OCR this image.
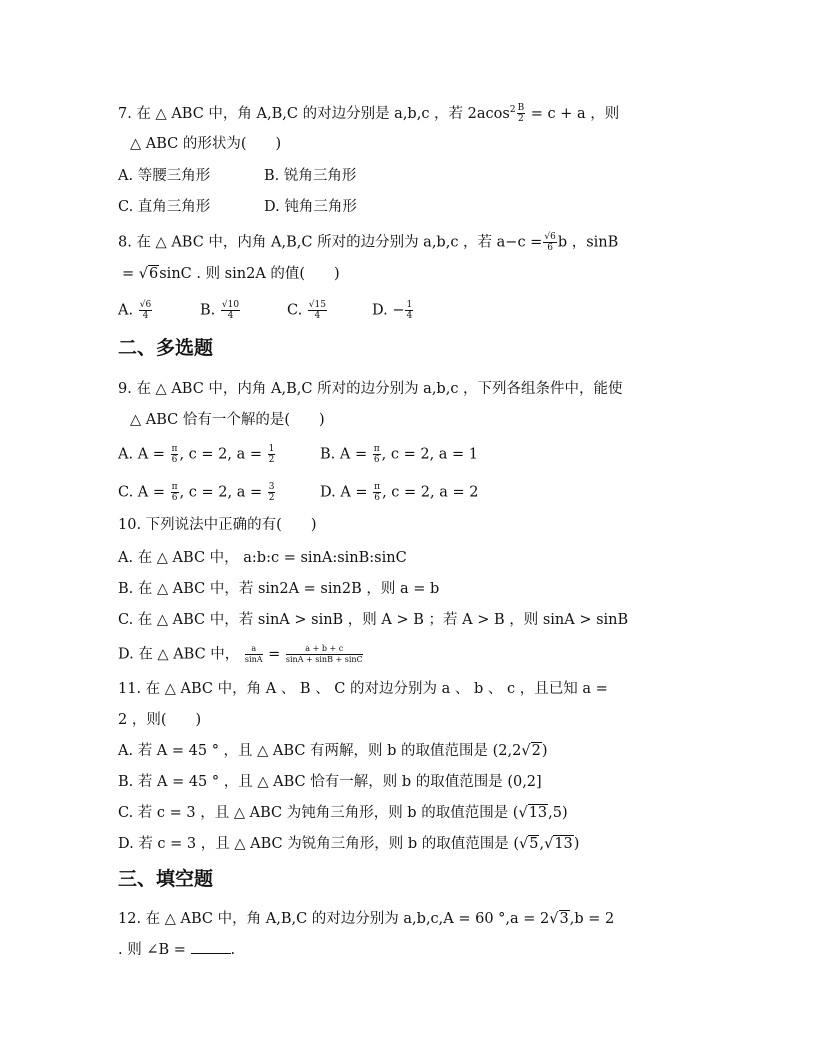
7. 在 △ ABC 中，角 A,B,C 的对边分别是 a,b,c ，若 $2acos^2 \frac{B}{2} = c + a$ ，则
△ ABC 的形状为(　　)
A. 等腰三角形	B. 锐角三角形
C. 直角三角形	D. 钝角三角形
8. 在 △ ABC 中，内角 A,B,C 所对的边分别为 a,b,c ，若 $a-c = \frac{√6}{6}$ b ，sinB
= √6sinC . 则 sin2A 的值(　　)
A. $\frac{√6}{4}$	B. $\frac{√10}{4}$	C. $\frac{√15}{4}$	D. − $\frac{1}{4}$
二、多选题
9. 在 △ ABC 中，内角 A,B,C 所对的边分别为 a,b,c ，下列各组条件中，能使
△ ABC 恰有一个解的是(　　)
A. $A = \frac{\pi}{6}$ , c = 2, $a = \frac{1}{2}$	B. $A = \frac{\pi}{6}$ , c = 2, a = 1
C. $A = \frac{\pi}{6}$ , c = 2, $a = \frac{3}{2}$	D. $A = \frac{\pi}{6}$ , c = 2, a = 2
10. 下列说法中正确的有(　　)
A. 在 △ ABC 中， a:b:c = sinA:sinB:sinC
B. 在 △ ABC 中，若 sin2A = sin2B ，则 a = b
C. 在 △ ABC 中，若 sinA > sinB ，则 A > B ；若 A > B ，则 sinA > sinB
D. 在 △ ABC 中， $\frac{a}{\sin A} = \frac{a + b + c}{\sin A + \sin B + \sin C}$
11. 在 △ ABC 中，角 A 、 B 、 C 的对边分别为 a 、 b 、 c ，且已知 a =
2 ，则(　　)
A. 若 A = 45 ° ，且 △ ABC 有两解，则 b 的取值范围是 (2,2√2)
B. 若 A = 45 ° ，且 △ ABC 恰有一解，则 b 的取值范围是 (0,2]
C. 若 c = 3 ，且 △ ABC 为钝角三角形，则 b 的取值范围是 (√13,5)
D. 若 c = 3 ，且 △ ABC 为锐角三角形，则 b 的取值范围是 (√5,√13)
三、填空题
12. 在 △ ABC 中，角 A,B,C 的对边分别为 a,b,c,A = 60 °,a = 2√3,b = 2
. 则 ∠B =	.
